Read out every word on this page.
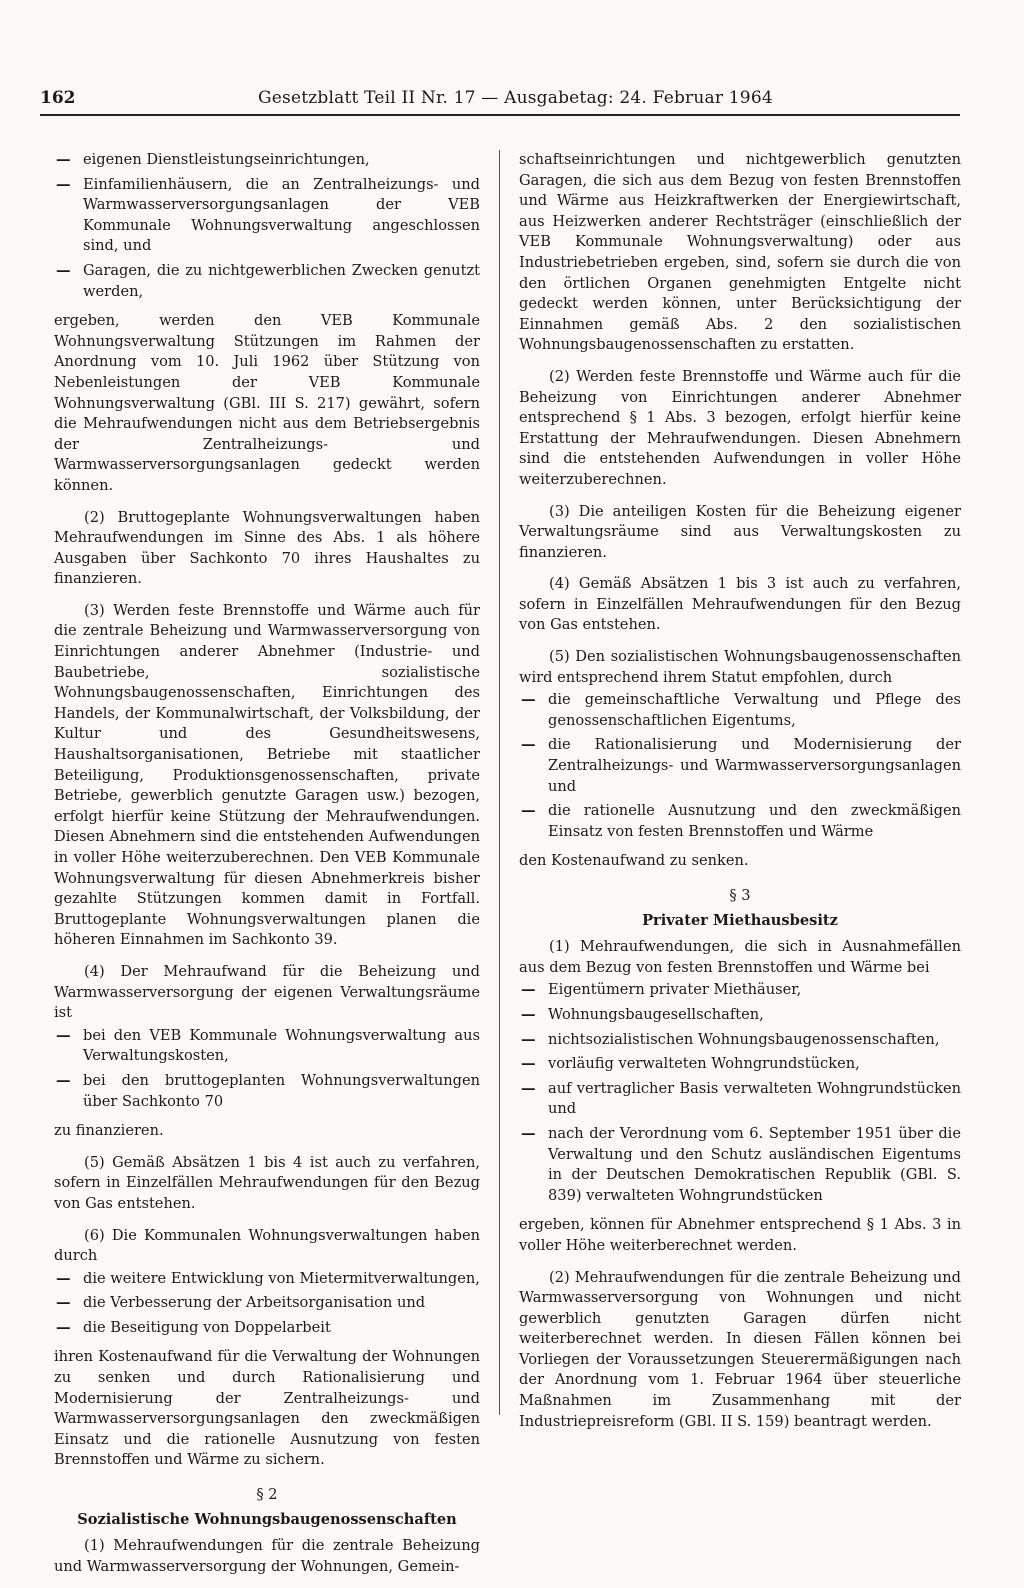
162	Gesetzblatt Teil II Nr. 17 — Ausgabetag: 24. Februar 1964
— eigenen Dienstleistungseinrichtungen,
— Einfamilienhäusern, die an Zentralheizungs- und Warmwasserversorgungsanlagen der VEB Kommunale Wohnungsverwaltung angeschlossen sind, und
— Garagen, die zu nichtgewerblichen Zwecken genutzt werden,

ergeben, werden den VEB Kommunale Wohnungsverwaltung Stützungen im Rahmen der Anordnung vom 10. Juli 1962 über Stützung von Nebenleistungen der VEB Kommunale Wohnungsverwaltung (GBl. III S. 217) gewährt, sofern die Mehraufwendungen nicht aus dem Betriebsergebnis der Zentralheizungs- und Warmwasserversorgungsanlagen gedeckt werden können.

(2) Bruttogeplante Wohnungsverwaltungen haben Mehraufwendungen im Sinne des Abs. 1 als höhere Ausgaben über Sachkonto 70 ihres Haushaltes zu finanzieren.

(3) Werden feste Brennstoffe und Wärme auch für die zentrale Beheizung und Warmwasserversorgung von Einrichtungen anderer Abnehmer (Industrie- und Baubetriebe, sozialistische Wohnungsbaugenossenschaften, Einrichtungen des Handels, der Kommunalwirtschaft, der Volksbildung, der Kultur und des Gesundheitswesens, Haushaltsorganisationen, Betriebe mit staatlicher Beteiligung, Produktionsgenossenschaften, private Betriebe, gewerblich genutzte Garagen usw.) bezogen, erfolgt hierfür keine Stützung der Mehraufwendungen. Diesen Abnehmern sind die entstehenden Aufwendungen in voller Höhe weiterzuberechnen. Den VEB Kommunale Wohnungsverwaltung für diesen Abnehmerkreis bisher gezahlte Stützungen kommen damit in Fortfall. Bruttogeplante Wohnungsverwaltungen planen die höheren Einnahmen im Sachkonto 39.

(4) Der Mehraufwand für die Beheizung und Warmwasserversorgung der eigenen Verwaltungsräume ist

— bei den VEB Kommunale Wohnungsverwaltung aus Verwaltungskosten,
— bei den bruttogeplanten Wohnungsverwaltungen über Sachkonto 70

zu finanzieren.

(5) Gemäß Absätzen 1 bis 4 ist auch zu verfahren, sofern in Einzelfällen Mehraufwendungen für den Bezug von Gas entstehen.

(6) Die Kommunalen Wohnungsverwaltungen haben durch

— die weitere Entwicklung von Mietermitverwaltungen,
— die Verbesserung der Arbeitsorganisation und
— die Beseitigung von Doppelarbeit

ihren Kostenaufwand für die Verwaltung der Wohnungen zu senken und durch Rationalisierung und Modernisierung der Zentralheizungs- und Warmwasserversorgungsanlagen den zweckmäßigen Einsatz und die rationelle Ausnutzung von festen Brennstoffen und Wärme zu sichern.

§ 2
Sozialistische Wohnungsbaugenossenschaften

(1) Mehraufwendungen für die zentrale Beheizung und Warmwasserversorgung der Wohnungen, Gemein-

schaftseinrichtungen und nichtgewerblich genutzten Garagen, die sich aus dem Bezug von festen Brennstoffen und Wärme aus Heizkraftwerken der Energiewirtschaft, aus Heizwerken anderer Rechtsträger (einschließlich der VEB Kommunale Wohnungsverwaltung) oder aus Industriebetrieben ergeben, sind, sofern sie durch die von den örtlichen Organen genehmigten Entgelte nicht gedeckt werden können, unter Berücksichtigung der Einnahmen gemäß Abs. 2 den sozialistischen Wohnungsbaugenossenschaften zu erstatten.

(2) Werden feste Brennstoffe und Wärme auch für die Beheizung von Einrichtungen anderer Abnehmer entsprechend § 1 Abs. 3 bezogen, erfolgt hierfür keine Erstattung der Mehraufwendungen. Diesen Abnehmern sind die entstehenden Aufwendungen in voller Höhe weiterzuberechnen.

(3) Die anteiligen Kosten für die Beheizung eigener Verwaltungsräume sind aus Verwaltungskosten zu finanzieren.

(4) Gemäß Absätzen 1 bis 3 ist auch zu verfahren, sofern in Einzelfällen Mehraufwendungen für den Bezug von Gas entstehen.

(5) Den sozialistischen Wohnungsbaugenossenschaften wird entsprechend ihrem Statut empfohlen, durch

— die gemeinschaftliche Verwaltung und Pflege des genossenschaftlichen Eigentums,
— die Rationalisierung und Modernisierung der Zentralheizungs- und Warmwasserversorgungsanlagen und
— die rationelle Ausnutzung und den zweckmäßigen Einsatz von festen Brennstoffen und Wärme

den Kostenaufwand zu senken.

§ 3
Privater Miethausbesitz

(1) Mehraufwendungen, die sich in Ausnahmefällen aus dem Bezug von festen Brennstoffen und Wärme bei

— Eigentümern privater Miethäuser,
— Wohnungsbaugesellschaften,
— nichtsozialistischen Wohnungsbaugenossenschaften,
— vorläufig verwalteten Wohngrundstücken,
— auf vertraglicher Basis verwalteten Wohngrundstücken und
— nach der Verordnung vom 6. September 1951 über die Verwaltung und den Schutz ausländischen Eigentums in der Deutschen Demokratischen Republik (GBl. S. 839) verwalteten Wohngrundstücken

ergeben, können für Abnehmer entsprechend § 1 Abs. 3 in voller Höhe weiterberechnet werden.

(2) Mehraufwendungen für die zentrale Beheizung und Warmwasserversorgung von Wohnungen und nicht gewerblich genutzten Garagen dürfen nicht weiterberechnet werden. In diesen Fällen können bei Vorliegen der Voraussetzungen Steuerermäßigungen nach der Anordnung vom 1. Februar 1964 über steuerliche Maßnahmen im Zusammenhang mit der Industriepreisreform (GBl. II S. 159) beantragt werden.
